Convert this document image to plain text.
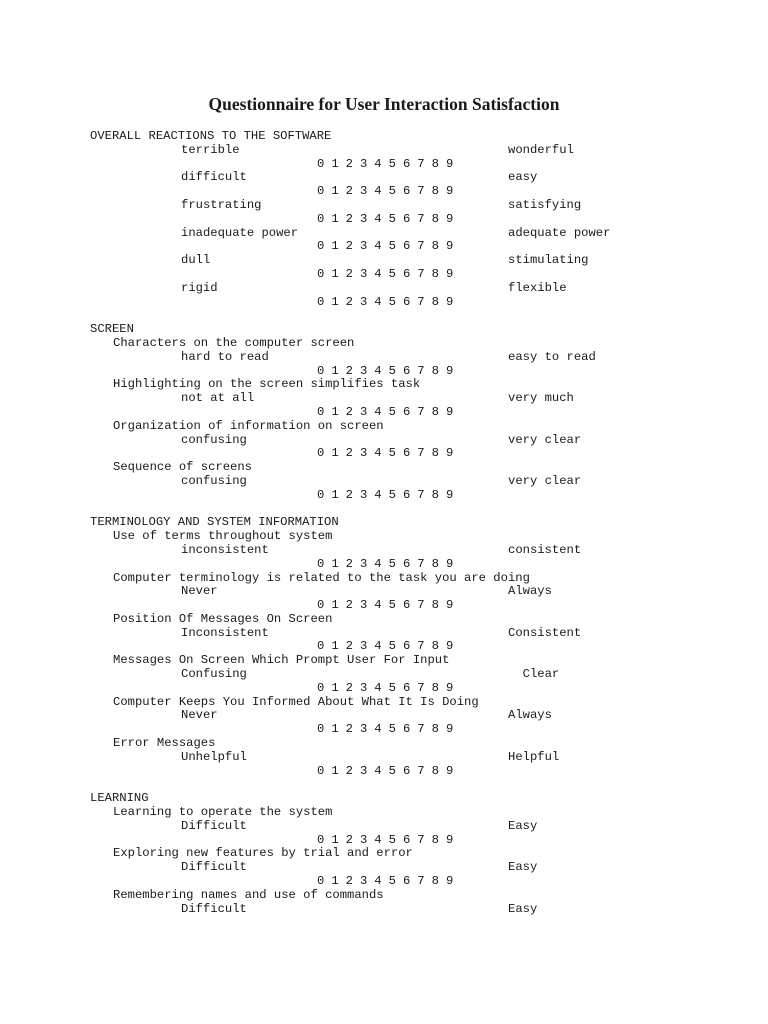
Questionnaire for User Interaction Satisfaction
OVERALL REACTIONS TO THE SOFTWARE
terrible	wonderful
0 1 2 3 4 5 6 7 8 9
difficult	easy
0 1 2 3 4 5 6 7 8 9
frustrating	satisfying
0 1 2 3 4 5 6 7 8 9
inadequate power	adequate power
0 1 2 3 4 5 6 7 8 9
dull	stimulating
0 1 2 3 4 5 6 7 8 9
rigid	flexible
0 1 2 3 4 5 6 7 8 9
SCREEN
Characters on the computer screen
hard to read	easy to read
0 1 2 3 4 5 6 7 8 9
Highlighting on the screen simplifies task
not at all	very much
0 1 2 3 4 5 6 7 8 9
Organization of information on screen
confusing	very clear
0 1 2 3 4 5 6 7 8 9
Sequence of screens
confusing	very clear
0 1 2 3 4 5 6 7 8 9
TERMINOLOGY AND SYSTEM INFORMATION
Use of terms throughout system
inconsistent	consistent
0 1 2 3 4 5 6 7 8 9
Computer terminology is related to the task you are doing
Never	Always
0 1 2 3 4 5 6 7 8 9
Position Of Messages On Screen
Inconsistent	Consistent
0 1 2 3 4 5 6 7 8 9
Messages On Screen Which Prompt User For Input
Confusing	Clear
0 1 2 3 4 5 6 7 8 9
Computer Keeps You Informed About What It Is Doing
Never	Always
0 1 2 3 4 5 6 7 8 9
Error Messages
Unhelpful	Helpful
0 1 2 3 4 5 6 7 8 9
LEARNING
Learning to operate the system
Difficult	Easy
0 1 2 3 4 5 6 7 8 9
Exploring new features by trial and error
Difficult	Easy
0 1 2 3 4 5 6 7 8 9
Remembering names and use of commands
Difficult	Easy
